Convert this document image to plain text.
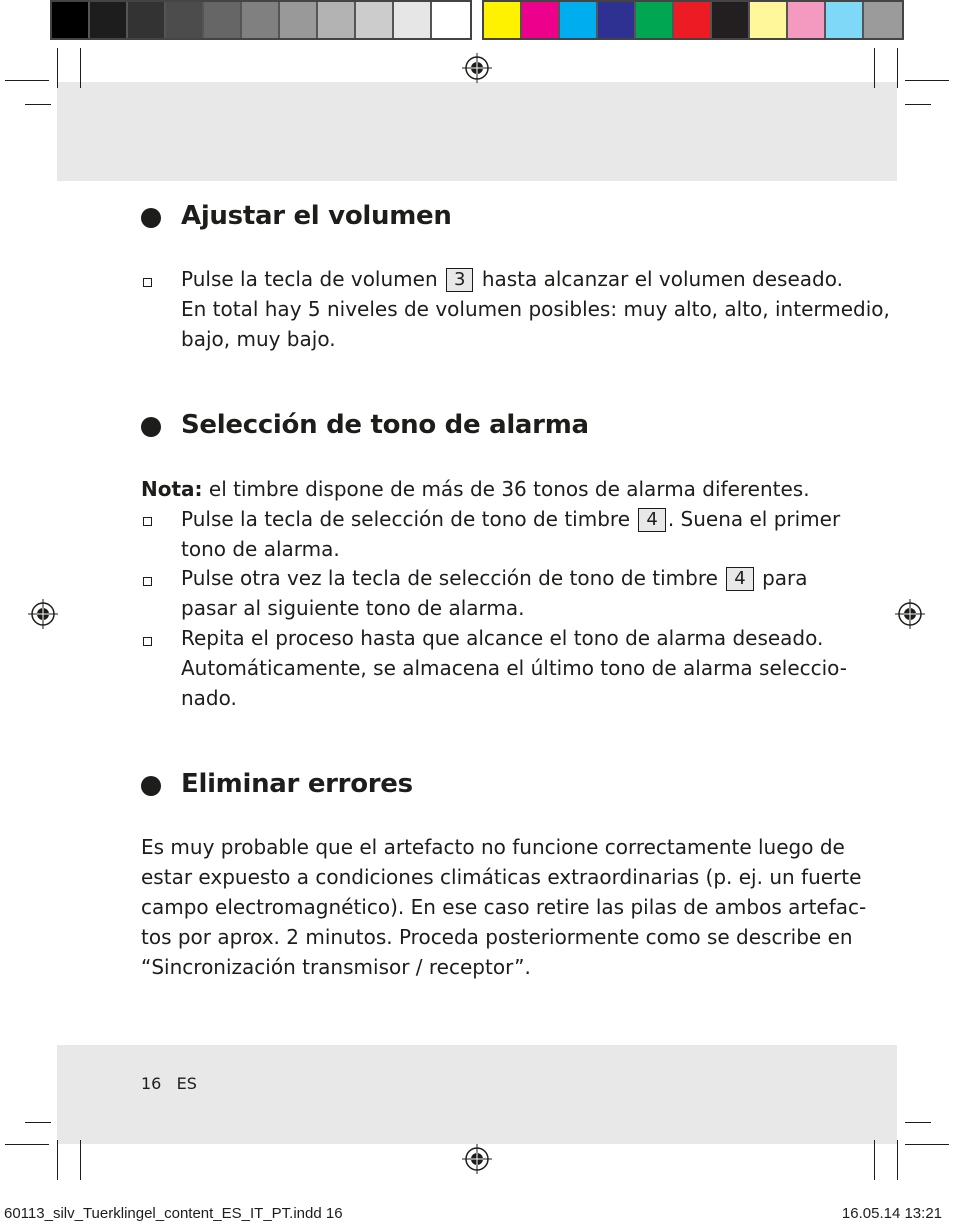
Ajustar el volumen
Pulse la tecla de volumen 3 hasta alcanzar el volumen deseado.
En total hay 5 niveles de volumen posibles: muy alto, alto, intermedio,
bajo, muy bajo.
Selección de tono de alarma
Nota: el timbre dispone de más de 36 tonos de alarma diferentes.
Pulse la tecla de selección de tono de timbre 4 . Suena el primer
tono de alarma.
Pulse otra vez la tecla de selección de tono de timbre 4 para
pasar al siguiente tono de alarma.
Repita el proceso hasta que alcance el tono de alarma deseado.
Automáticamente, se almacena el último tono de alarma seleccio-
nado.
Eliminar errores
Es muy probable que el artefacto no funcione correctamente luego de
estar expuesto a condiciones climáticas extraordinarias (p. ej. un fuerte
campo electromagnético). En ese caso retire las pilas de ambos artefac-
tos por aprox. 2 minutos. Proceda posteriormente como se describe en
“Sincronización transmisor / receptor”.
16 ES
60113_silv_Tuerklingel_content_ES_IT_PT.indd 16	16.05.14 13:21
